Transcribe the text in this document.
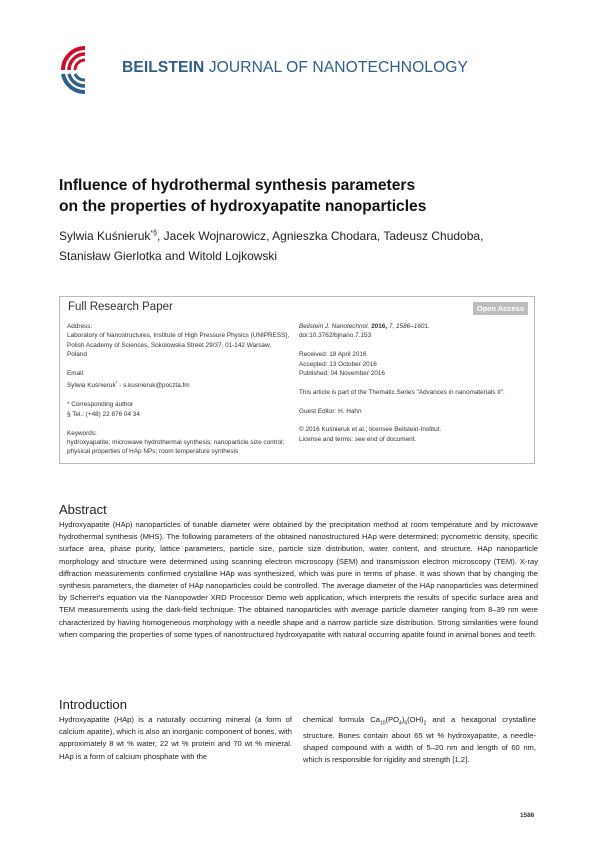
BEILSTEIN JOURNAL OF NANOTECHNOLOGY
Influence of hydrothermal synthesis parameters
on the properties of hydroxyapatite nanoparticles
Sylwia Kuśnieruk*§, Jacek Wojnarowicz, Agnieszka Chodara, Tadeusz Chudoba,
Stanisław Gierlotka and Witold Lojkowski
Full Research Paper	Open Access

Address:

Laboratory of Nanostructures, Institute of High Pressure Physics (UNIPRESS), Polish Academy of Sciences, Sokolowska Street 29/37, 01-142 Warsaw, Poland

Email:

Sylwia Kuśnieruk* - s.kusnieruk@poczta.fm

* Corresponding author

§ Tel.: (+48) 22 876 04 34

Keywords:

hydroxyapatite; microwave hydrothermal synthesis; nanoparticle size control; physical properties of HAp NPs; room temperature synthesis

Beilstein J. Nanotechnol. 2016, 7, 1586–1601.

doi:10.3762/bjnano.7.153

Received: 18 April 2016

Accepted: 13 October 2016

Published: 04 November 2016

This article is part of the Thematic Series "Advances in nanomaterials II".

Guest Editor: H. Hahn

© 2016 Kuśnieruk et al.; licensee Beilstein-Institut.

License and terms: see end of document.

Abstract
Hydroxyapatite (HAp) nanoparticles of tunable diameter were obtained by the precipitation method at room temperature and by microwave hydrothermal synthesis (MHS). The following parameters of the obtained nanostructured HAp were determined: pycnometric density, specific surface area, phase purity, lattice parameters, particle size, particle size distribution, water content, and structure. HAp nanoparticle morphology and structure were determined using scanning electron microscopy (SEM) and transmission electron microscopy (TEM). X-ray diffraction measurements confirmed crystalline HAp was synthesized, which was pure in terms of phase. It was shown that by changing the synthesis parameters, the diameter of HAp nanoparticles could be controlled. The average diameter of the HAp nanoparticles was determined by Scherrer's equation via the Nanopowder XRD Processor Demo web application, which interprets the results of specific surface area and TEM measurements using the dark-field technique. The obtained nanoparticles with average particle diameter ranging from 8–39 nm were characterized by having homogeneous morphology with a needle shape and a narrow particle size distribution. Strong similarities were found when comparing the properties of some types of nanostructured hydroxyapatite with natural occurring apatite found in animal bones and teeth.
Introduction
Hydroxyapatite (HAp) is a naturally occurring mineral (a form of calcium apatite), which is also an inorganic component of bones, with approximately 8 wt % water, 22 wt % protein and 70 wt % mineral. HAp is a form of calcium phosphate with the
chemical formula $Ca_{10}(PO_4)_6(OH)_2$ and a hexagonal crystalline structure. Bones contain about 65 wt % hydroxyapatite, a needle-shaped compound with a width of 5–20 nm and length of 60 nm, which is responsible for rigidity and strength [1,2].
1586
